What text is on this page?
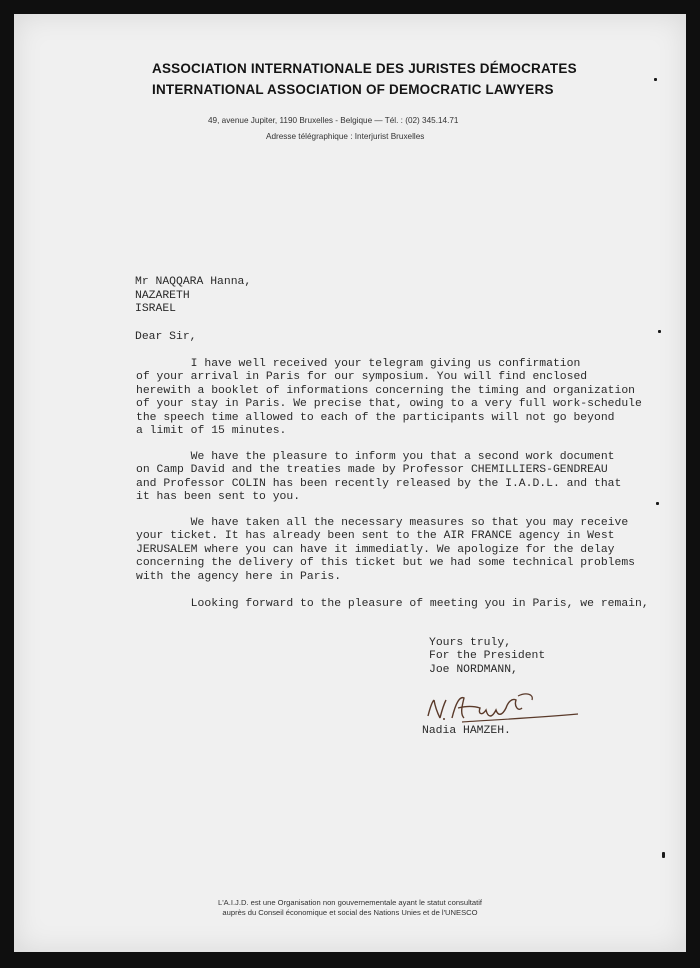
ASSOCIATION INTERNATIONALE DES JURISTES DÉMOCRATES
INTERNATIONAL ASSOCIATION OF DEMOCRATIC LAWYERS
49, avenue Jupiter, 1190 Bruxelles - Belgique — Tél. : (02) 345.14.71
Adresse télégraphique : Interjurist Bruxelles
Mr NAQQARA Hanna,
NAZARETH
ISRAEL
Dear Sir,
I have well received your telegram giving us confirmation
of your arrival in Paris for our symposium. You will find enclosed
herewith a booklet of informations concerning the timing and organization
of your stay in Paris. We precise that, owing to a very full work-schedule
the speech time allowed to each of the participants will not go beyond
a limit of 15 minutes.
We have the pleasure to inform you that a second work document
on Camp David and the treaties made by Professor CHEMILLIERS-GENDREAU
and Professor COLIN has been recently released by the I.A.D.L. and that
it has been sent to you.
We have taken all the necessary measures so that you may receive
your ticket. It has already been sent to the AIR FRANCE agency in West
JERUSALEM where you can have it immediatly. We apologize for the delay
concerning the delivery of this ticket but we had some technical problems
with the agency here in Paris.
Looking forward to the pleasure of meeting you in Paris, we remain,
Yours truly,
For the President
Joe NORDMANN,
Nadia HAMZEH.
L'A.I.J.D. est une Organisation non gouvernementale ayant le statut consultatif
auprès du Conseil économique et social des Nations Unies et de l'UNESCO
